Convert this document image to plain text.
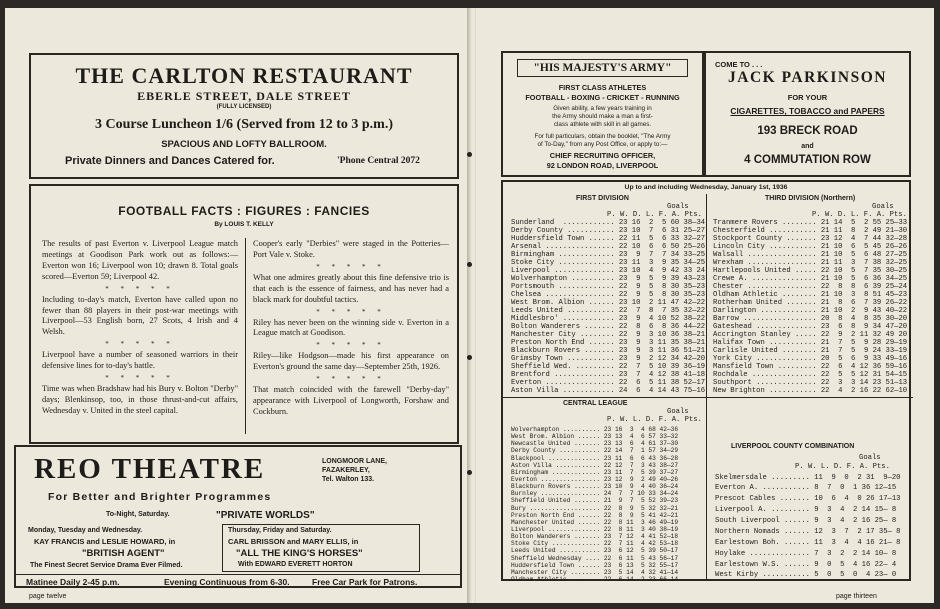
THE CARLTON RESTAURANT
EBERLE STREET, DALE STREET
(FULLY LICENSED)
3 Course Luncheon 1/6 (Served from 12 to 3 p.m.)
SPACIOUS AND LOFTY BALLROOM.
Private Dinners and Dances Catered for.	'Phone Central 2072
FOOTBALL FACTS : FIGURES : FANCIES
By LOUIS T. KELLY

The results of past Everton v. Liverpool League match meetings at Goodison Park work out as follows:—Everton won 16; Liverpool won 10; drawn 8. Total goals scored—Everton 59; Liverpool 42.

* * * * *

Including to-day's match, Everton have called upon no fewer than 88 players in their post-war meetings with Liverpool—53 English born, 27 Scots, 4 Irish and 4 Welsh.

* * * * *

Liverpool have a number of seasoned warriors in their defensive lines for to-day's battle.

* * * * *

Time was when Bradshaw had his Bury v. Bolton "Derby" days; Blenkinsop, too, in those thrust-and-cut affairs, Wednesday v. United in the steel capital.

Cooper's early "Derbies" were staged in the Potteries—Port Vale v. Stoke.

* * * * *

What one admires greatly about this fine defensive trio is that each is the essence of fairness, and has never had a black mark for doubtful tactics.

* * * * *

Riley has never been on the winning side v. Everton in a League match at Goodison.

* * * * *

Riley—like Hodgson—made his first appearance on Everton's ground the same day—September 25th, 1926.

* * * * *

That match coincided with the farewell "Derby-day" appearance with Liverpool of Longworth, Forshaw and Cockburn.

REO THEATRE
For Better and Brighter Programmes
LONGMOOR LANE,
FAZAKERLEY,
Tel. Walton 133.
To-Night, Saturday.	"PRIVATE WORLDS"
Monday, Tuesday and Wednesday.
KAY FRANCIS and LESLIE HOWARD, in
"BRITISH AGENT"
The Finest Secret Service Drama Ever Filmed.
Thursday, Friday and Saturday.
CARL BRISSON and MARY ELLIS, in
"ALL THE KING'S HORSES"
With EDWARD EVERETT HORTON
Matinee Daily 2-45 p.m.	Evening Continuous from 6-30.	Free Car Park for Patrons.
page twelve
"HIS MAJESTY'S ARMY"
FIRST CLASS ATHLETES
FOOTBALL - BOXING - CRICKET - RUNNING
Given ability, a few years training in
the Army should make a man a first-
class athlete with skill in all games.
For full particulars, obtain the booklet, "The Army
of To-Day," from any Post Office, or apply to:—
CHIEF RECRUITING OFFICER,
92 LONDON ROAD, LIVERPOOL
COME TO . . .
JACK PARKINSON
FOR YOUR
CIGARETTES, TOBACCO and PAPERS
193 BRECK ROAD
and
4 COMMUTATION ROW
Up to and including Wednesday, January 1st, 1936
FIRST DIVISION
Goals
P. W. D. L. F. A. Pts.
Sunderland  ............ 23 16  2  5 60 38—34
Derby County ........... 23 10  7  6 31 25—27
Huddersfield Town ...... 22 11  5  6 33 32—27
Arsenal ................ 22 10  6  6 50 25—26
Birmingham ............. 23  9  7  7 34 33—25
Stoke City ............. 23 11  3  9 35 34—25
Liverpool .............. 23 10  4  9 42 33 24
Wolverhampton .......... 23  9  5  9 39 43—23
Portsmouth ............. 22  9  5  8 30 35—23
Chelsea ................ 22  9  5  8 30 35—23
West Brom. Albion ...... 23 10  2 11 47 42—22
Leeds United ........... 22  7  8  7 35 32—22
Middlesbro' ............ 23  9  4 10 52 38—22
Bolton Wanderers ....... 22  8  6  8 36 44—22
Manchester City ........ 22  9  3 10 36 38—21
Preston North End ...... 23  9  3 11 35 38—21
Blackburn Rovers ....... 23  9  3 11 36 51—21
Grimsby Town ........... 23  9  2 12 34 42—20
Sheffield Wed. ......... 22  7  5 10 39 36—19
Brentford .............. 23  7  4 12 38 41—18
Everton ................ 22  6  5 11 38 52—17
Aston Villa ............ 24  6  4 14 43 75—16
CENTRAL LEAGUE
Goals
P. W. L. D. F. A. Pts.
Wolverhampton .......... 23 16  3  4 68 42—36
West Brom. Albion ...... 23 13  4  6 57 33—32
Newcastle United ....... 23 13  6  4 61 37—30
Derby County ........... 22 14  7  1 57 34—29
Blackpool .............. 23 11  6  6 43 36—28
Aston Villa ............ 22 12  7  3 43 38—27
Birmingham ............. 23 11  7  5 39 37—27
Everton ................ 23 12  9  2 49 40—26
Blackburn Rovers ....... 23 10  9  4 40 36—24
Burnley ................ 24  7  7 10 33 34—24
Sheffield United ....... 21  9  7  5 52 39—23
Bury ................... 22  8  9  5 32 32—21
Preston North End ...... 22  8  9  5 41 42—21
Manchester United ...... 22  8 11  3 46 49—19
Liverpool .............. 22  8 11  3 40 38—19
Bolton Wanderers ....... 23  7 12  4 41 52—18
Stoke City ............. 22  7 11  4 42 53—18
Leeds United ........... 23  6 12  5 39 50—17
Sheffield Wednesday .... 22  6 11  5 43 56—17
Huddersfield Town ...... 23  6 13  5 32 55—17
Manchester City ........ 23  5 14  4 32 41—14
Oldham Athletic ........ 22  6 14  2 23 66—14
THIRD DIVISION (Northern)
Goals
P. W. D. L. F. A. Pts.
Tranmere Rovers ........ 21 14  5  2 55 25—33
Chesterfield ........... 21 11  8  2 49 21—30
Stockport County ....... 23 12  4  7 44 32—28
Lincoln City ........... 21 10  6  5 45 26—26
Walsall ................ 21 10  5  6 48 27—25
Wrexham ................ 21 11  3  7 38 32—25
Hartlepools United ..... 22 10  5  7 35 30—25
Crewe A. ............... 21 10  5  6 36 34—25
Chester ................ 22  8  8  6 39 25—24
Oldham Athletic ........ 21 10  3  8 51 45—23
Rotherham United ....... 21  8  6  7 39 26—22
Darlington ............. 21 10  2  9 43 40—22
Barrow ................. 20  8  4  8 35 30—20
Gateshead .............. 23  6  8  9 34 47—20
Accrington Stanley ..... 22  9  2 11 32 49 20
Halifax Town ........... 21  7  5  9 28 29—19
Carlisle United ........ 21  7  5  9 24 33—19
York City .............. 20  5  6  9 33 49—16
Mansfield Town ......... 22  6  4 12 36 59—16
Rochdale ............... 22  5  5 12 31 54—15
Southport .............. 22  3  3 14 23 51—13
New Brighton ........... 22  4  2 16 22 62—10
LIVERPOOL COUNTY COMBINATION
Goals
P. W. L. D. F. A. Pts.
Skelmersdale ......... 11  9  0  2 31  9—20
Everton A. ........... 8  7  0  1 36 12—15
Prescot Cables ....... 10  6  4  0 26 17—13
Liverpool A. ......... 9  3  4  2 14 15— 8
South Liverpool ...... 9  3  4  2 16 25— 8
Northern Nomads ...... 12  3  7  2 17 35— 8
Earlestown Boh. ...... 11  3  4  4 16 21— 8
Hoylake .............. 7  3  2  2 14 10— 8
Earlestown W.S. ...... 9  0  5  4 16 22— 4
West Kirby ........... 5  0  5  0  4 23— 0
page thirteen
